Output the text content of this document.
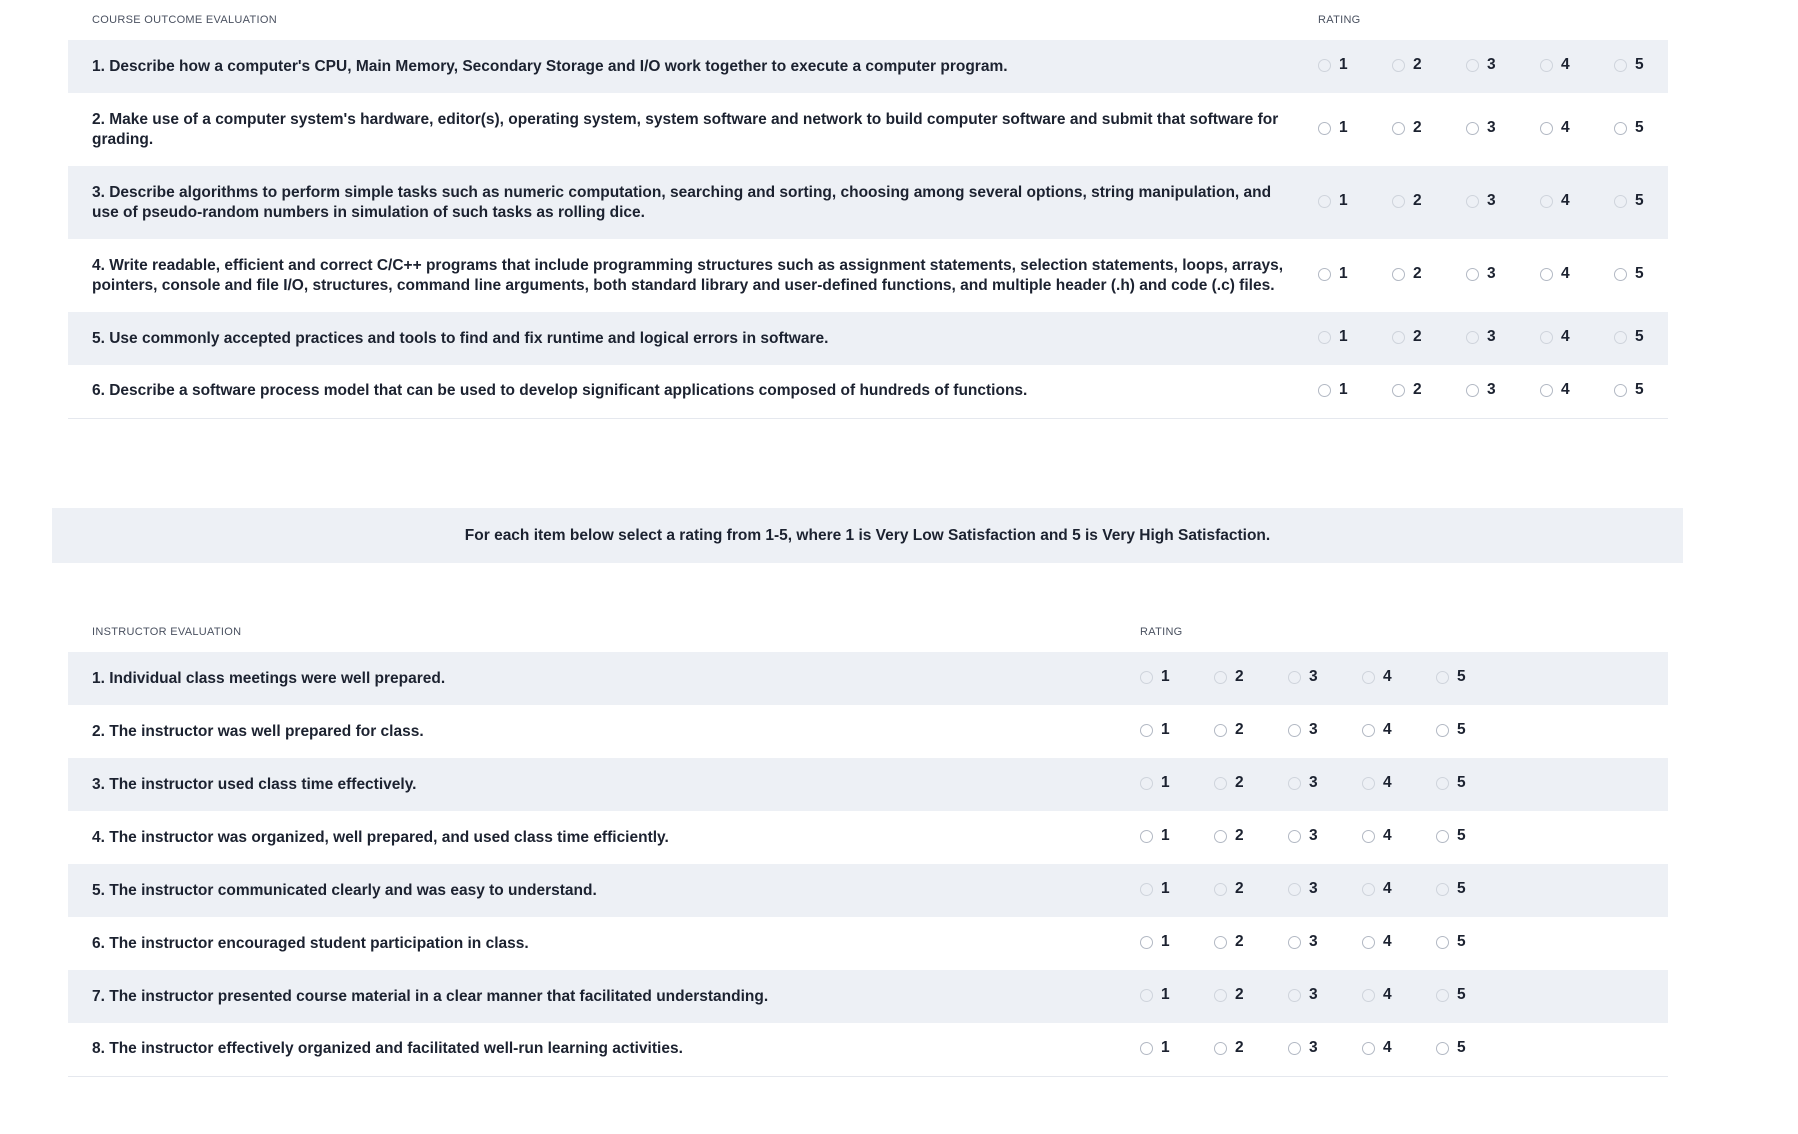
COURSE OUTCOME EVALUATION	RATING				
1. Describe how a computer's CPU, Main Memory, Secondary Storage and I/O work together to execute a computer program.	1	2	3	4	5

2. Make use of a computer system's hardware, editor(s), operating system, system software and network to build computer software and submit that software for grading.	1	2	3	4	5

3. Describe algorithms to perform simple tasks such as numeric computation, searching and sorting, choosing among several options, string manipulation, and use of pseudo-random numbers in simulation of such tasks as rolling dice.	1	2	3	4	5

4. Write readable, efficient and correct C/C++ programs that include programming structures such as assignment statements, selection statements, loops, arrays, pointers, console and file I/O, structures, command line arguments, both standard library and user-defined functions, and multiple header (.h) and code (.c) files.	1	2	3	4	5

5. Use commonly accepted practices and tools to find and fix runtime and logical errors in software.	1	2	3	4	5

6. Describe a software process model that can be used to develop significant applications composed of hundreds of functions.	1	2	3	4	5
For each item below select a rating from 1-5, where 1 is Very Low Satisfaction and 5 is Very High Satisfaction.
INSTRUCTOR EVALUATION	RATING				
1. Individual class meetings were well prepared.	1	2	3	4	5

2. The instructor was well prepared for class.	1	2	3	4	5

3. The instructor used class time effectively.	1	2	3	4	5

4. The instructor was organized, well prepared, and used class time efficiently.	1	2	3	4	5

5. The instructor communicated clearly and was easy to understand.	1	2	3	4	5

6. The instructor encouraged student participation in class.	1	2	3	4	5

7. The instructor presented course material in a clear manner that facilitated understanding.	1	2	3	4	5

8. The instructor effectively organized and facilitated well-run learning activities.	1	2	3	4	5
